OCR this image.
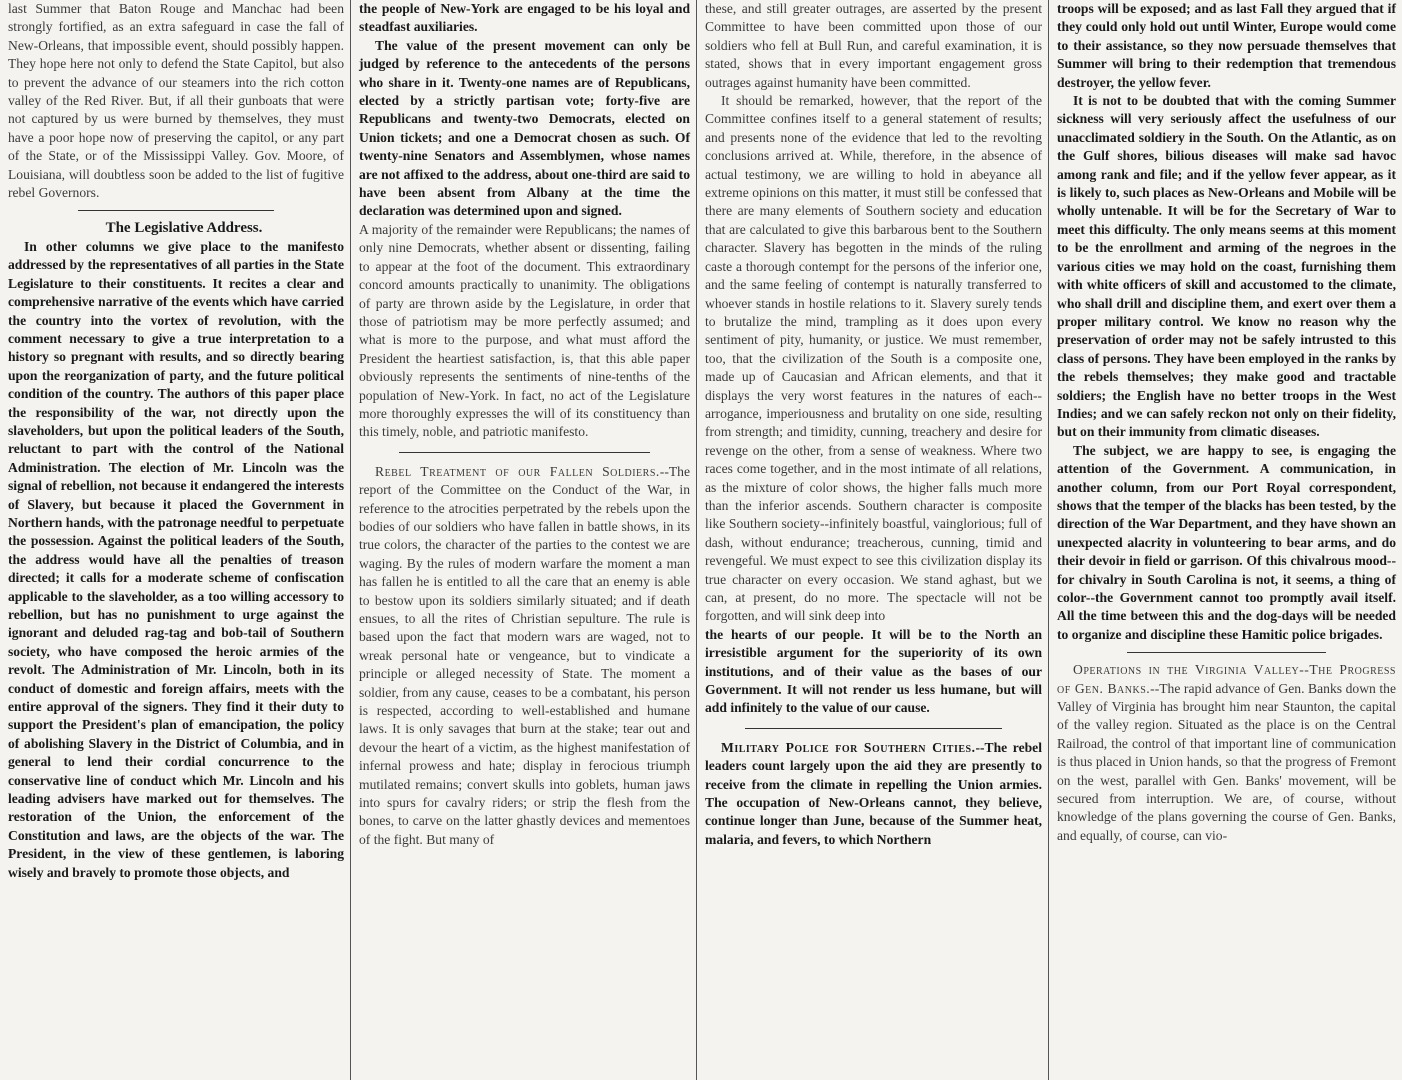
last Summer that Baton Rouge and Manchac had been strongly fortified, as an extra safeguard in case the fall of New-Orleans, that impossible event, should possibly happen. They hope here not only to defend the State Capitol, but also to prevent the advance of our steamers into the rich cotton valley of the Red River. But, if all their gunboats that were not captured by us were burned by themselves, they must have a poor hope now of preserving the capitol, or any part of the State, or of the Mississippi Valley. Gov. Moore, of Louisiana, will doubtless soon be added to the list of fugitive rebel Governors.

The Legislative Address.

In other columns we give place to the manifesto addressed by the representatives of all parties in the State Legislature to their constituents. It recites a clear and comprehensive narrative of the events which have carried the country into the vortex of revolution, with the comment necessary to give a true interpretation to a history so pregnant with results, and so directly bearing upon the reorganization of party, and the future political condition of the country. The authors of this paper place the responsibility of the war, not directly upon the slaveholders, but upon the political leaders of the South, reluctant to part with the control of the National Administration. The election of Mr. Lincoln was the signal of rebellion, not because it endangered the interests of Slavery, but because it placed the Government in Northern hands, with the patronage needful to perpetuate the possession. Against the political leaders of the South, the address would have all the penalties of treason directed; it calls for a moderate scheme of confiscation applicable to the slaveholder, as a too willing accessory to rebellion, but has no punishment to urge against the ignorant and deluded rag-tag and bob-tail of Southern society, who have composed the heroic armies of the revolt. The Administration of Mr. Lincoln, both in its conduct of domestic and foreign affairs, meets with the entire approval of the signers. They find it their duty to support the President's plan of emancipation, the policy of abolishing Slavery in the District of Columbia, and in general to lend their cordial concurrence to the conservative line of conduct which Mr. Lincoln and his leading advisers have marked out for themselves. The restoration of the Union, the enforcement of the Constitution and laws, are the objects of the war. The President, in the view of these gentlemen, is laboring wisely and bravely to promote those objects, and

the people of New-York are engaged to be his loyal and steadfast auxiliaries.

The value of the present movement can only be judged by reference to the antecedents of the persons who share in it. Twenty-one names are of Republicans, elected by a strictly partisan vote; forty-five are Republicans and twenty-two Democrats, elected on Union tickets; and one a Democrat chosen as such. Of twenty-nine Senators and Assemblymen, whose names are not affixed to the address, about one-third are said to have been absent from Albany at the time the declaration was determined upon and signed.

A majority of the remainder were Republicans; the names of only nine Democrats, whether absent or dissenting, failing to appear at the foot of the document. This extraordinary concord amounts practically to unanimity. The obligations of party are thrown aside by the Legislature, in order that those of patriotism may be more perfectly assumed; and what is more to the purpose, and what must afford the President the heartiest satisfaction, is, that this able paper obviously represents the sentiments of nine-tenths of the population of New-York. In fact, no act of the Legislature more thoroughly expresses the will of its constituency than this timely, noble, and patriotic manifesto.

Rebel Treatment of our Fallen Soldiers.--The report of the Committee on the Conduct of the War, in reference to the atrocities perpetrated by the rebels upon the bodies of our soldiers who have fallen in battle shows, in its true colors, the character of the parties to the contest we are waging. By the rules of modern warfare the moment a man has fallen he is entitled to all the care that an enemy is able to bestow upon its soldiers similarly situated; and if death ensues, to all the rites of Christian sepulture. The rule is based upon the fact that modern wars are waged, not to wreak personal hate or vengeance, but to vindicate a principle or alleged necessity of State. The moment a soldier, from any cause, ceases to be a combatant, his person is respected, according to well-established and humane laws. It is only savages that burn at the stake; tear out and devour the heart of a victim, as the highest manifestation of infernal prowess and hate; display in ferocious triumph mutilated remains; convert skulls into goblets, human jaws into spurs for cavalry riders; or strip the flesh from the bones, to carve on the latter ghastly devices and mementoes of the fight. But many of

these, and still greater outrages, are asserted by the present Committee to have been committed upon those of our soldiers who fell at Bull Run, and careful examination, it is stated, shows that in every important engagement gross outrages against humanity have been committed.

It should be remarked, however, that the report of the Committee confines itself to a general statement of results; and presents none of the evidence that led to the revolting conclusions arrived at. While, therefore, in the absence of actual testimony, we are willing to hold in abeyance all extreme opinions on this matter, it must still be confessed that there are many elements of Southern society and education that are calculated to give this barbarous bent to the Southern character. Slavery has begotten in the minds of the ruling caste a thorough contempt for the persons of the inferior one, and the same feeling of contempt is naturally transferred to whoever stands in hostile relations to it. Slavery surely tends to brutalize the mind, trampling as it does upon every sentiment of pity, humanity, or justice. We must remember, too, that the civilization of the South is a composite one, made up of Caucasian and African elements, and that it displays the very worst features in the natures of each--arrogance, imperiousness and brutality on one side, resulting from strength; and timidity, cunning, treachery and desire for revenge on the other, from a sense of weakness. Where two races come together, and in the most intimate of all relations, as the mixture of color shows, the higher falls much more than the inferior ascends. Southern character is composite like Southern society--infinitely boastful, vainglorious; full of dash, without endurance; treacherous, cunning, timid and revengeful. We must expect to see this civilization display its true character on every occasion. We stand aghast, but we can, at present, do no more. The spectacle will not be forgotten, and will sink deep into

the hearts of our people. It will be to the North an irresistible argument for the superiority of its own institutions, and of their value as the bases of our Government. It will not render us less humane, but will add infinitely to the value of our cause.

Military Police for Southern Cities.--The rebel leaders count largely upon the aid they are presently to receive from the climate in repelling the Union armies. The occupation of New-Orleans cannot, they believe, continue longer than June, because of the Summer heat, malaria, and fevers, to which Northern

troops will be exposed; and as last Fall they argued that if they could only hold out until Winter, Europe would come to their assistance, so they now persuade themselves that Summer will bring to their redemption that tremendous destroyer, the yellow fever.

It is not to be doubted that with the coming Summer sickness will very seriously affect the usefulness of our unacclimated soldiery in the South. On the Atlantic, as on the Gulf shores, bilious diseases will make sad havoc among rank and file; and if the yellow fever appear, as it is likely to, such places as New-Orleans and Mobile will be wholly untenable. It will be for the Secretary of War to meet this difficulty. The only means seems at this moment to be the enrollment and arming of the negroes in the various cities we may hold on the coast, furnishing them with white officers of skill and accustomed to the climate, who shall drill and discipline them, and exert over them a proper military control. We know no reason why the preservation of order may not be safely intrusted to this class of persons. They have been employed in the ranks by the rebels themselves; they make good and tractable soldiers; the English have no better troops in the West Indies; and we can safely reckon not only on their fidelity, but on their immunity from climatic diseases.

The subject, we are happy to see, is engaging the attention of the Government. A communication, in another column, from our Port Royal correspondent, shows that the temper of the blacks has been tested, by the direction of the War Department, and they have shown an unexpected alacrity in volunteering to bear arms, and do their devoir in field or garrison. Of this chivalrous mood--for chivalry in South Carolina is not, it seems, a thing of color--the Government cannot too promptly avail itself. All the time between this and the dog-days will be needed to organize and discipline these Hamitic police brigades.

Operations in the Virginia Valley--The Progress of Gen. Banks.--The rapid advance of Gen. Banks down the Valley of Virginia has brought him near Staunton, the capital of the valley region. Situated as the place is on the Central Railroad, the control of that important line of communication is thus placed in Union hands, so that the progress of Fremont on the west, parallel with Gen. Banks' movement, will be secured from interruption. We are, of course, without knowledge of the plans governing the course of Gen. Banks, and equally, of course, can vio-
